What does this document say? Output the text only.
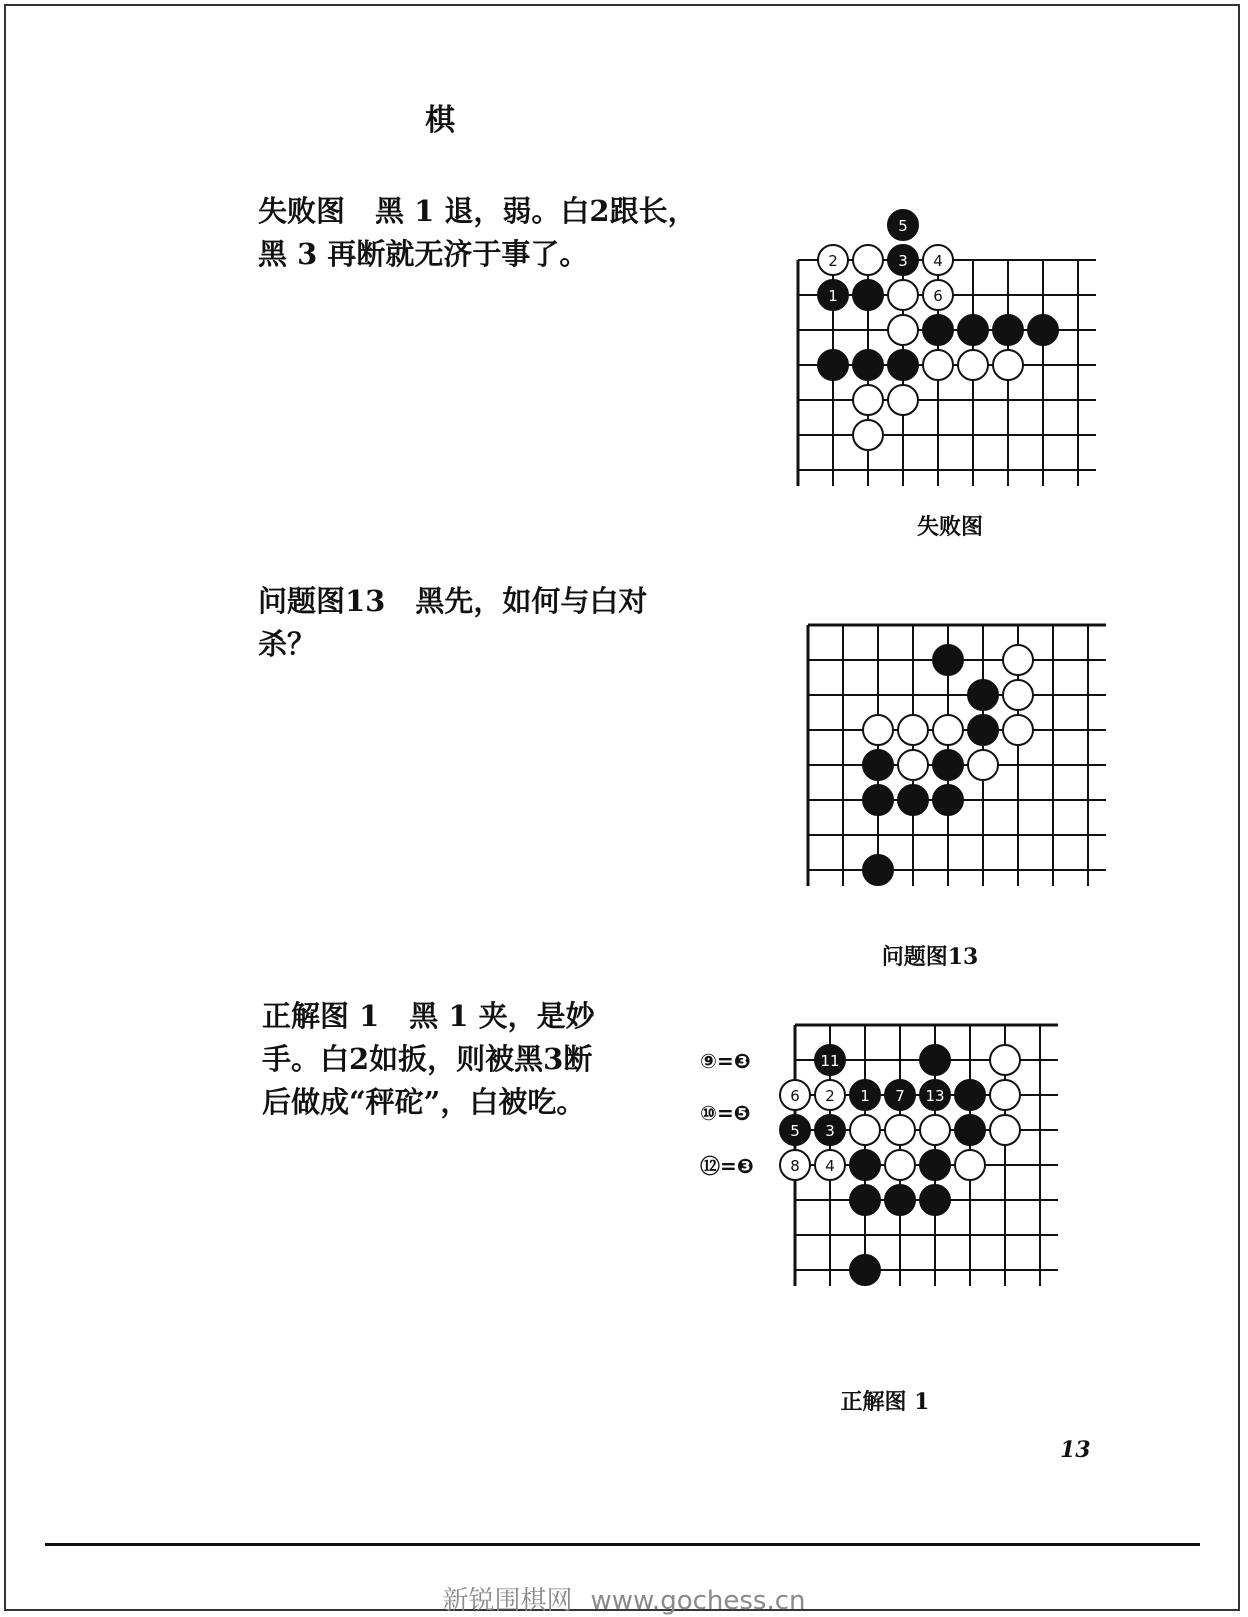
棋
失败图 黑 1 退，弱。白2跟长，
黑 3 再断就无济于事了。
5
2	3 4
1	6
失败图
问题图13 黑先，如何与白对
杀？
问题图13
正解图 1 黑 1 夹，是妙
手。白2如扳，则被黑3断
后做成“秤砣”，白被吃。
⑨=❸
⑩=❺
⑫=❸
11
6 2 1 7 13
5 3
8 4
正解图 1
13
新锐围棋网 www.gochess.cn
